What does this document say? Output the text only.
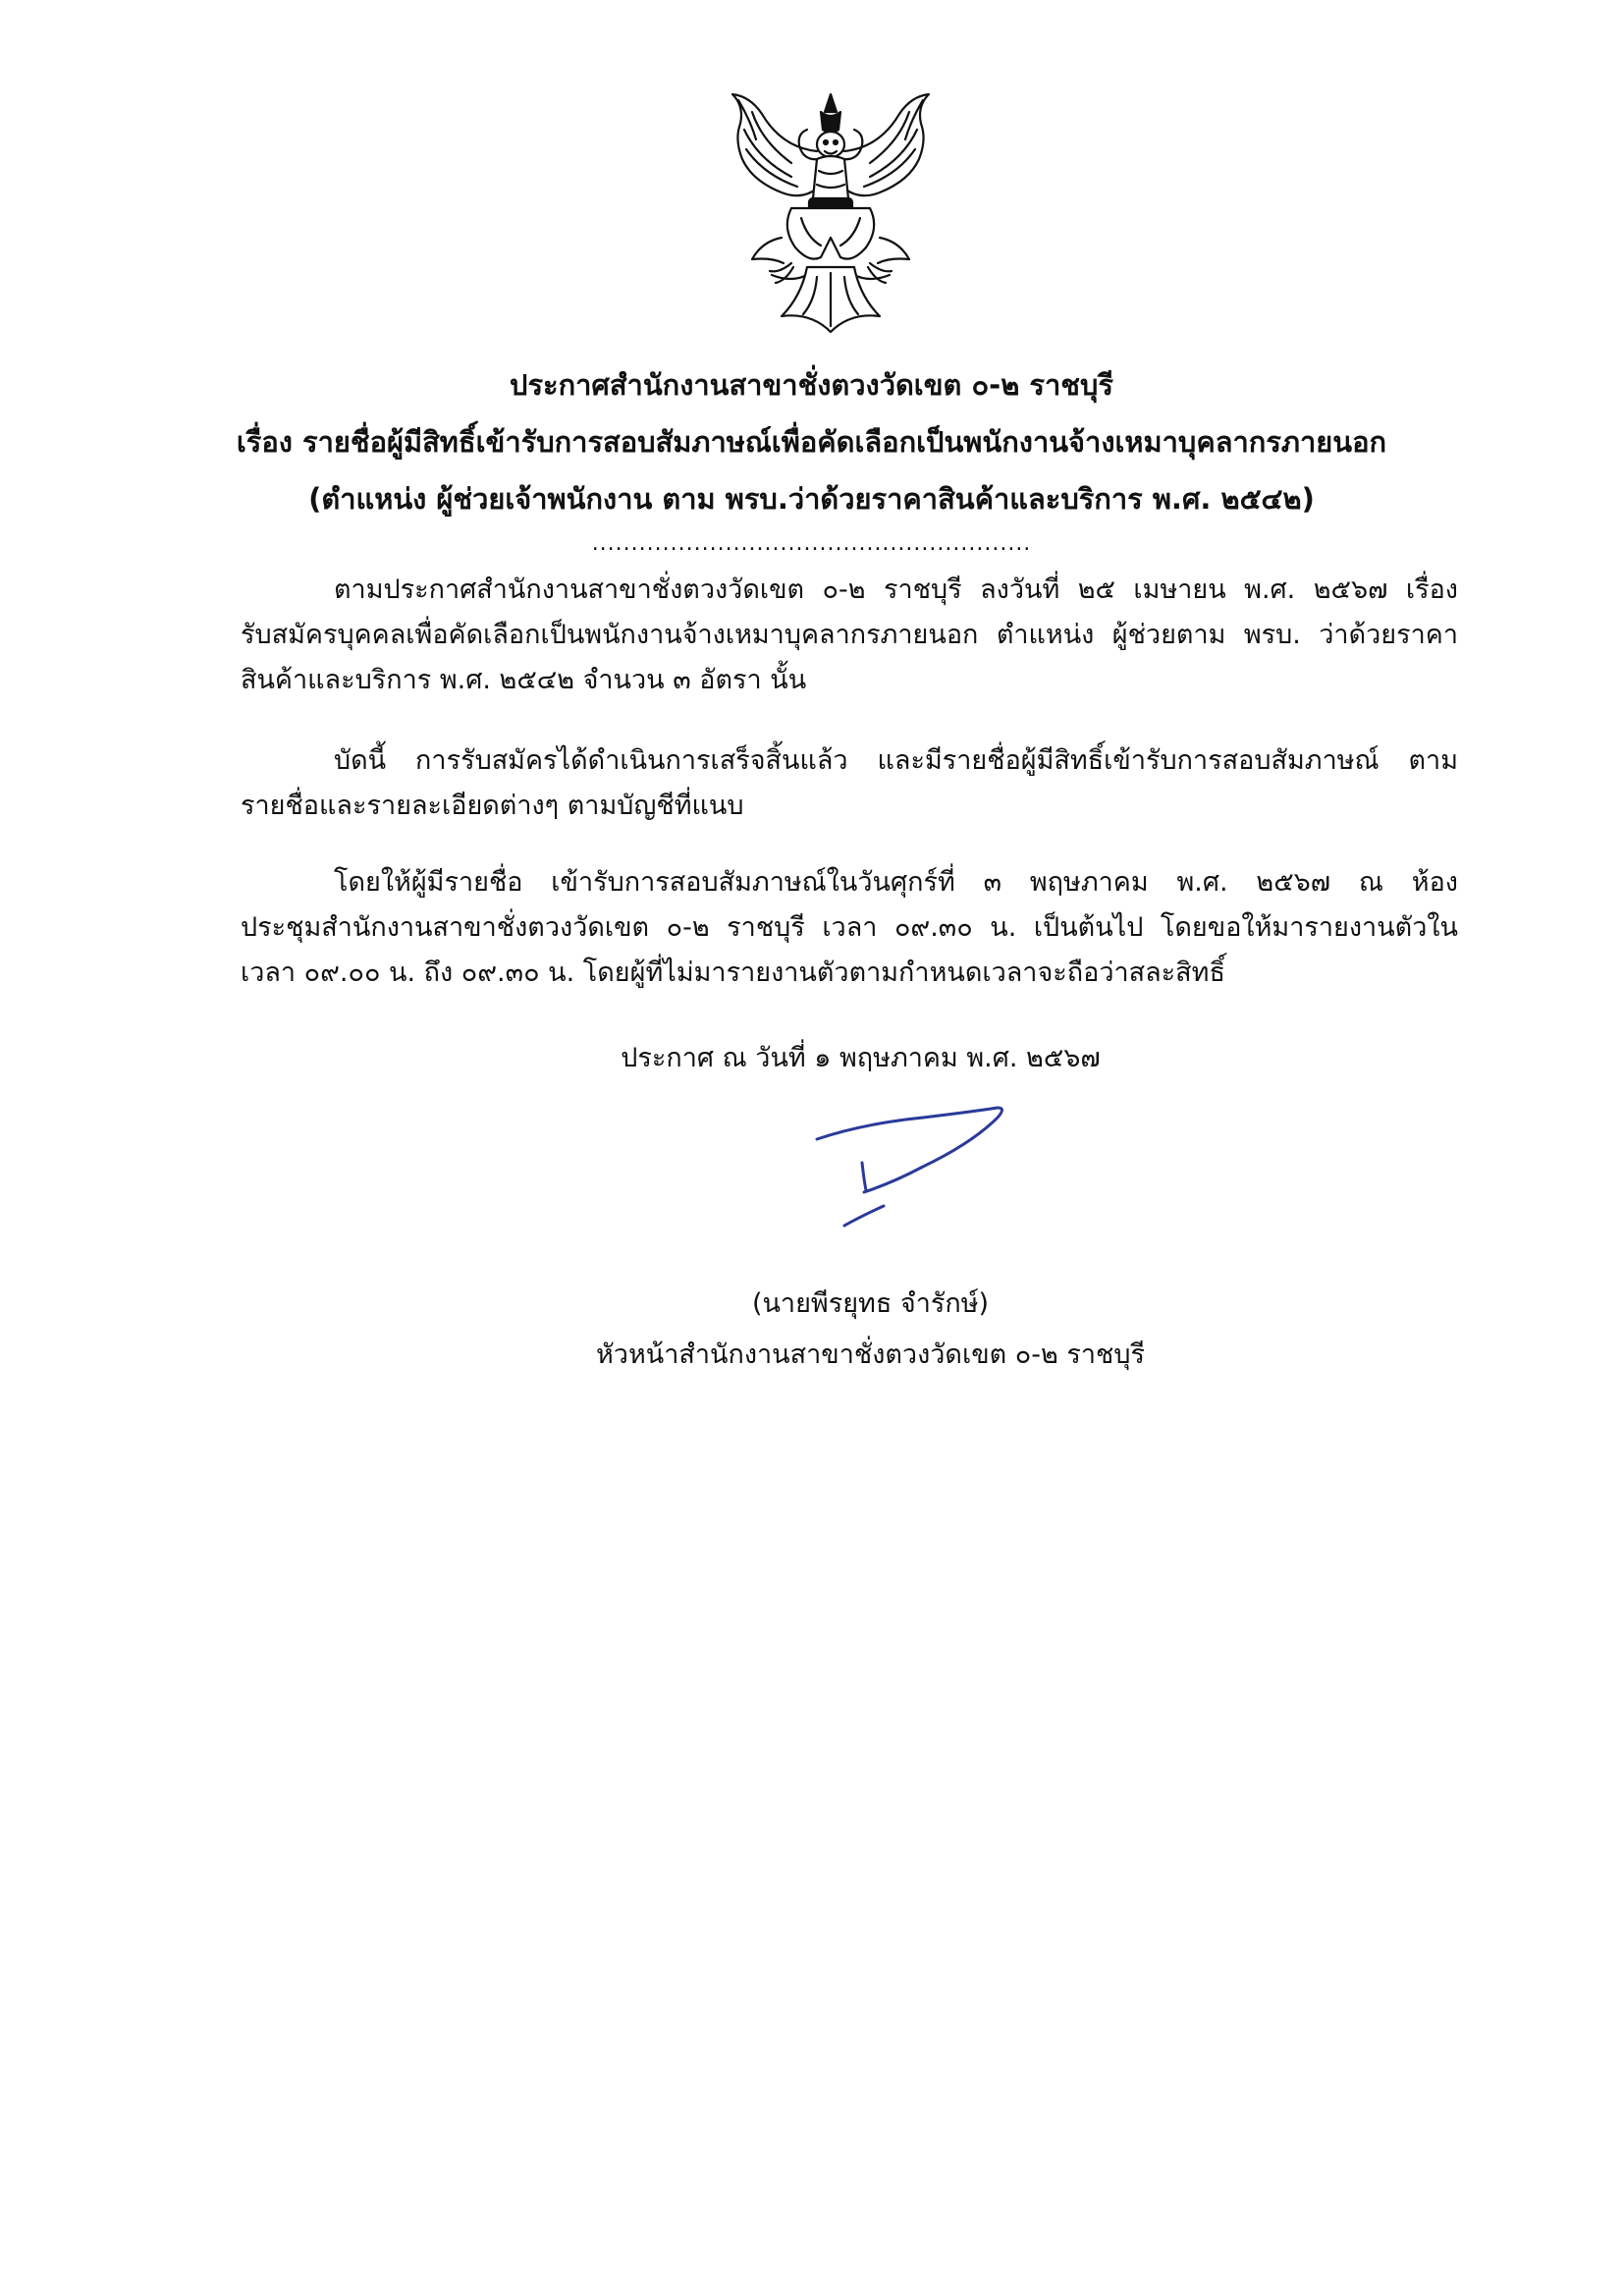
ประกาศสำนักงานสาขาชั่งตวงวัดเขต ๐-๒ ราชบุรี
เรื่อง รายชื่อผู้มีสิทธิ์เข้ารับการสอบสัมภาษณ์เพื่อคัดเลือกเป็นพนักงานจ้างเหมาบุคลากรภายนอก
(ตำแหน่ง ผู้ช่วยเจ้าพนักงาน ตาม พรบ.ว่าด้วยราคาสินค้าและบริการ พ.ศ. ๒๕๔๒)
........................................................
ตามประกาศสำนักงานสาขาชั่งตวงวัดเขต ๐-๒ ราชบุรี ลงวันที่ ๒๕ เมษายน พ.ศ. ๒๕๖๗ เรื่อง
รับสมัครบุคคลเพื่อคัดเลือกเป็นพนักงานจ้างเหมาบุคลากรภายนอก ตำแหน่ง ผู้ช่วยตาม พรบ. ว่าด้วยราคา
สินค้าและบริการ พ.ศ. ๒๕๔๒ จำนวน ๓ อัตรา นั้น
บัดนี้ การรับสมัครได้ดำเนินการเสร็จสิ้นแล้ว และมีรายชื่อผู้มีสิทธิ์เข้ารับการสอบสัมภาษณ์ ตาม
รายชื่อและรายละเอียดต่างๆ ตามบัญชีที่แนบ
โดยให้ผู้มีรายชื่อ เข้ารับการสอบสัมภาษณ์ในวันศุกร์ที่ ๓ พฤษภาคม พ.ศ. ๒๕๖๗ ณ ห้อง
ประชุมสำนักงานสาขาชั่งตวงวัดเขต ๐-๒ ราชบุรี เวลา ๐๙.๓๐ น. เป็นต้นไป โดยขอให้มารายงานตัวใน
เวลา ๐๙.๐๐ น. ถึง ๐๙.๓๐ น. โดยผู้ที่ไม่มารายงานตัวตามกำหนดเวลาจะถือว่าสละสิทธิ์
ประกาศ ณ วันที่ ๑ พฤษภาคม พ.ศ. ๒๕๖๗
(นายพีรยุทธ จำรักษ์)
หัวหน้าสำนักงานสาขาชั่งตวงวัดเขต ๐-๒ ราชบุรี
